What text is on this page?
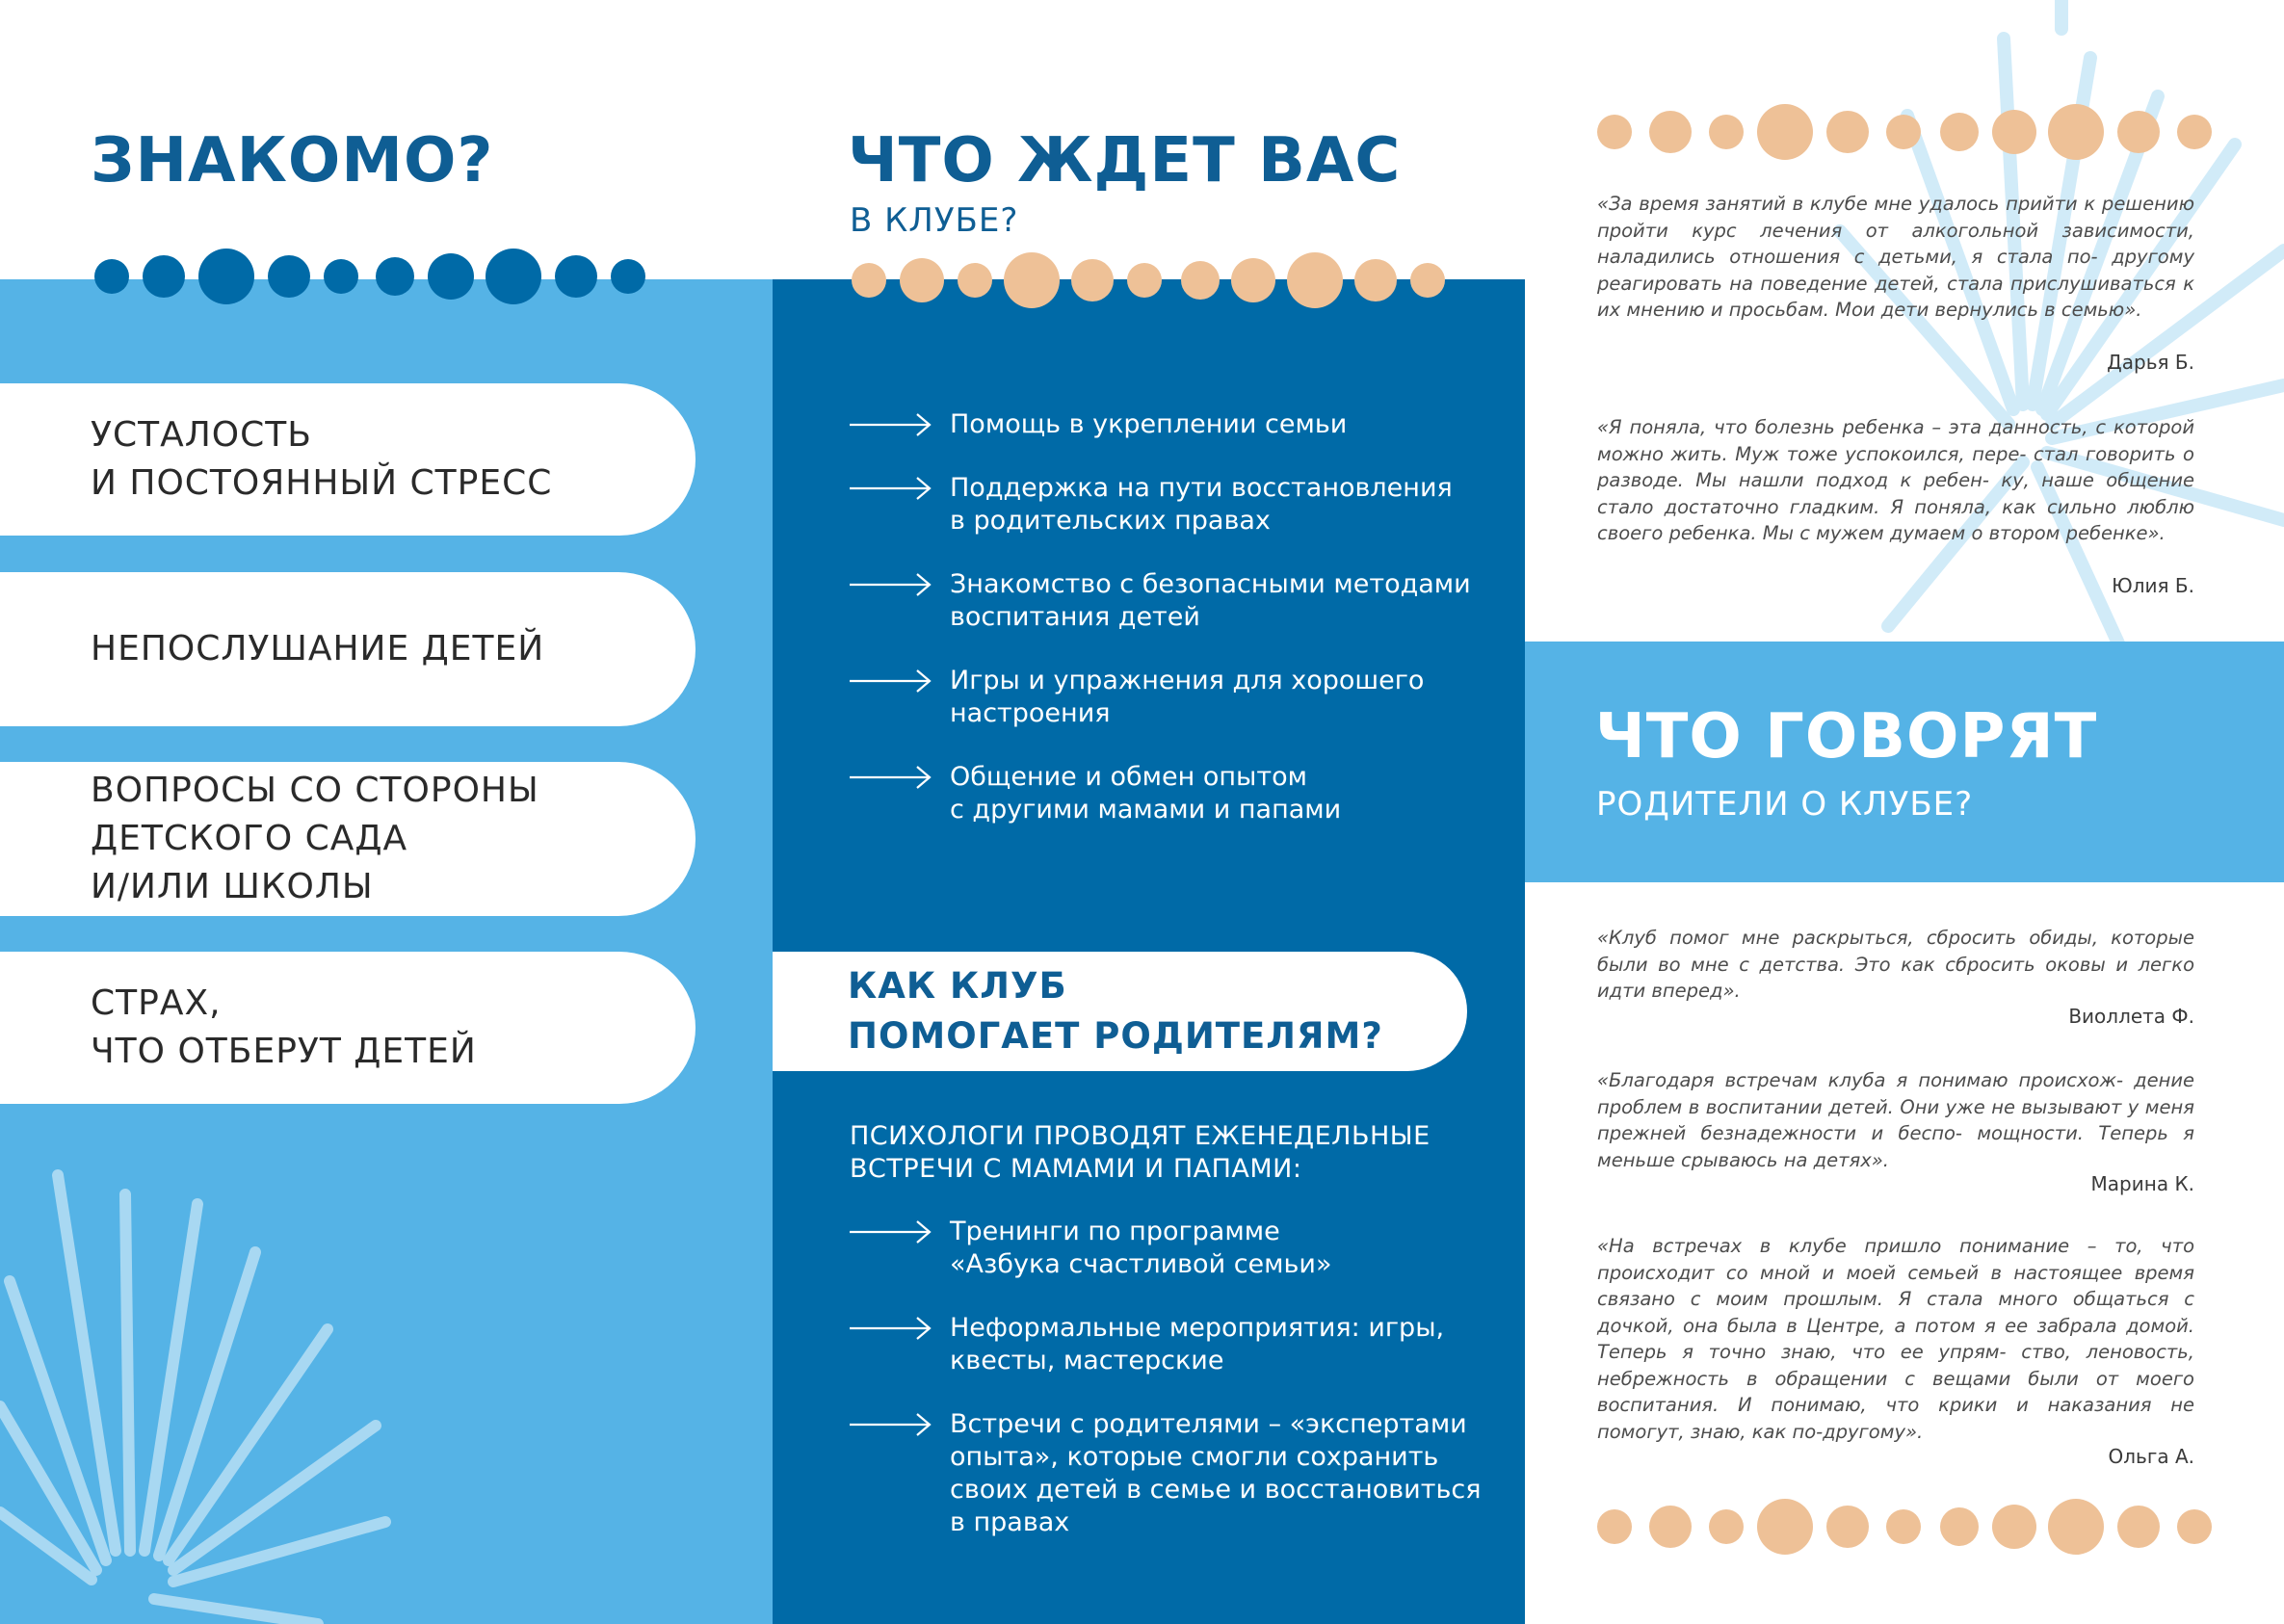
ЗНАКОМО?
УСТАЛОСТЬ
И ПОСТОЯННЫЙ СТРЕСС
НЕПОСЛУШАНИЕ ДЕТЕЙ
ВОПРОСЫ СО СТОРОНЫ
ДЕТСКОГО САДА
И/ИЛИ ШКОЛЫ
СТРАХ,
ЧТО ОТБЕРУТ ДЕТЕЙ
ЧТО ЖДЕТ ВАС
В КЛУБЕ?
Помощь в укреплении семьи
Поддержка на пути восстановления
в родительских правах
Знакомство с безопасными методами
воспитания детей
Игры и упражнения для хорошего
настроения
Общение и обмен опытом
с другими мамами и папами
КАК КЛУБ
ПОМОГАЕТ РОДИТЕЛЯМ?
ПСИХОЛОГИ ПРОВОДЯТ ЕЖЕНЕДЕЛЬНЫЕ
ВСТРЕЧИ С МАМАМИ И ПАПАМИ:
Тренинги по программе
«Азбука счастливой семьи»
Неформальные мероприятия: игры,
квесты, мастерские
Встречи с родителями – «экспертами
опыта», которые смогли сохранить
своих детей в семье и восстановиться
в правах
«За время занятий в клубе мне удалось прийти к решению пройти курс лечения от алкогольной зависимости, наладились отношения с детьми, я стала по- другому реагировать на поведение детей, стала прислушиваться к их мнению и просьбам. Мои дети вернулись в семью».
Дарья Б.
«Я поняла, что болезнь ребенка – эта данность, с которой можно жить. Муж тоже успокоился, пере- стал говорить о разводе. Мы нашли подход к ребен- ку, наше общение стало достаточно гладким. Я поняла, как сильно люблю своего ребенка. Мы с мужем думаем о втором ребенке».
Юлия Б.
ЧТО ГОВОРЯТ
РОДИТЕЛИ О КЛУБЕ?
«Клуб помог мне раскрыться, сбросить обиды, которые были во мне с детства. Это как сбросить оковы и легко идти вперед».
Виоллета Ф.
«Благодаря встречам клуба я понимаю происхож- дение проблем в воспитании детей. Они уже не вызывают у меня прежней безнадежности и беспо- мощности. Теперь я меньше срываюсь на детях».
Марина К.
«На встречах в клубе пришло понимание – то, что происходит со мной и моей семьей в настоящее время связано с моим прошлым. Я стала много общаться с дочкой, она была в Центре, а потом я ее забрала домой. Теперь я точно знаю, что ее упрям- ство, леновость, небрежность в обращении с вещами были от моего воспитания. И понимаю, что крики и наказания не помогут, знаю, как по-другому».
Ольга А.
